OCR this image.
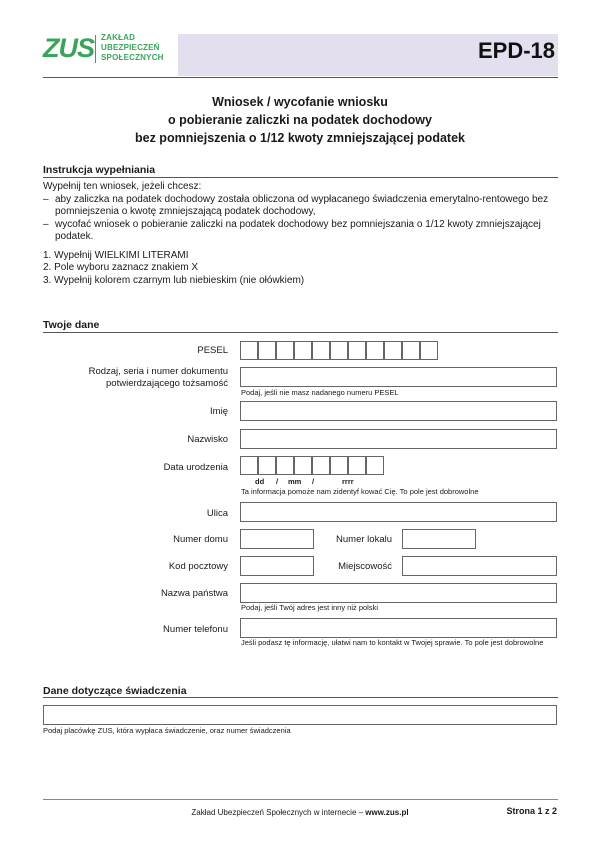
ZUS ZAKŁAD
UBEZPIECZEŃ
SPOŁECZNYCH	EPD-18
Wniosek / wycofanie wniosku
o pobieranie zaliczki na podatek dochodowy
bez pomniejszenia o 1/12 kwoty zmniejszającej podatek
Instrukcja wypełniania
Wypełnij ten wniosek, jeżeli chcesz:
– aby zaliczka na podatek dochodowy została obliczona od wypłacanego świadczenia emerytalno-rentowego bez
pomniejszenia o kwotę zmniejszającą podatek dochodowy,
– wycofać wniosek o pobieranie zaliczki na podatek dochodowy bez pomniejszania o 1/12 kwoty zmniejszającej
podatek.
1. Wypełnij WIELKIMI LITERAMI
2. Pole wyboru zaznacz znakiem X
3. Wypełnij kolorem czarnym lub niebieskim (nie ołówkiem)
Twoje dane
PESEL
Rodzaj, seria i numer dokumentu
potwierdzającego tożsamość
Podaj, jeśli nie masz nadanego numeru PESEL
Imię
Nazwisko
Data urodzenia
dd / mm /	rrrr
Ta informacja pomoże nam zidentyf kować Cię. To pole jest dobrowolne
Ulica
Numer domu	Numer lokalu
Kod pocztowy	Miejscowość
Nazwa państwa
Podaj, jeśli Twój adres jest inny niż polski
Numer telefonu
Jeśli podasz tę informację, ułatwi nam to kontakt w Twojej sprawie. To pole jest dobrowolne
Dane dotyczące świadczenia
Podaj placówkę ZUS, która wypłaca świadczenie, oraz numer świadczenia
Zakład Ubezpieczeń Społecznych w internecie – www.zus.pl	Strona 1 z 2
